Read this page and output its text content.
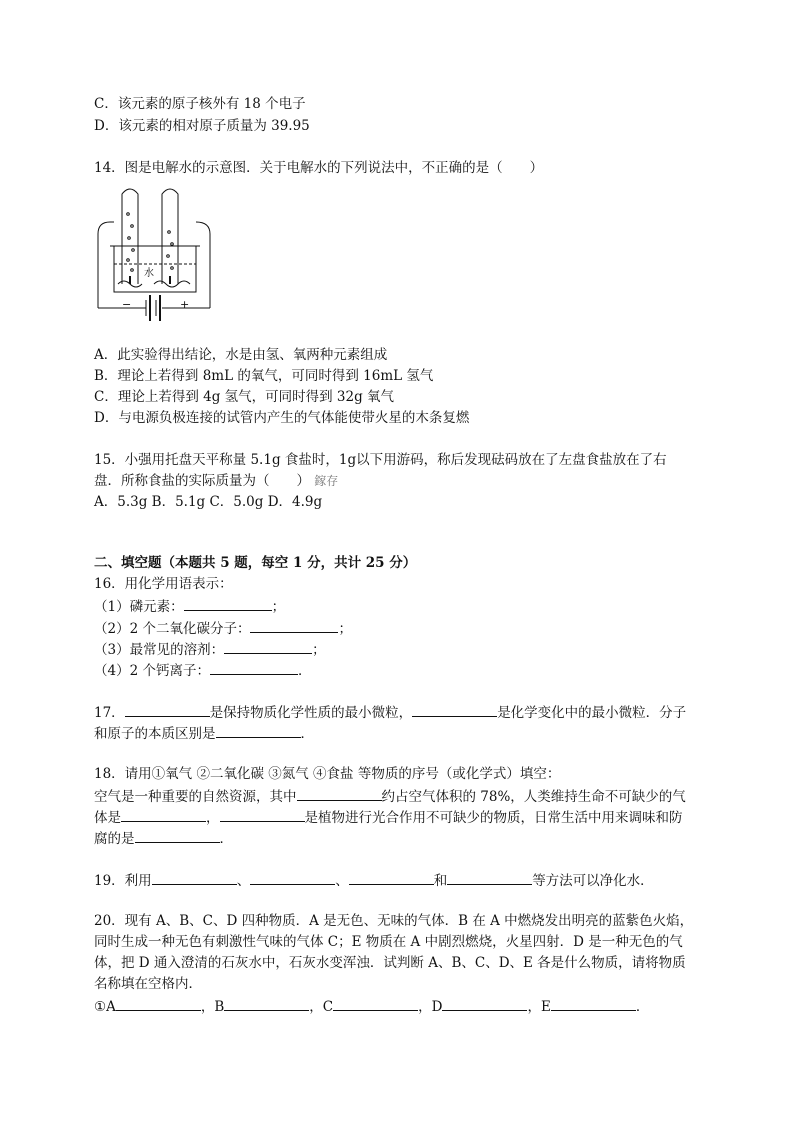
C．该元素的原子核外有 18 个电子
D．该元素的相对原子质量为 39.95
14．图是电解水的示意图．关于电解水的下列说法中，不正确的是（　　）
水
−	+
A．此实验得出结论，水是由氢、氧两种元素组成
B．理论上若得到 8mL 的氧气，可同时得到 16mL 氢气
C．理论上若得到 4g 氢气，可同时得到 32g 氧气
D．与电源负极连接的试管内产生的气体能使带火星的木条复燃
15．小强用托盘天平称量 5.1g 食盐时，1g以下用游码，称后发现砝码放在了左盘食盐放在了右
盘．所称食盐的实际质量为（　　） 鎵存
A．5.3g B．5.1g C．5.0g D．4.9g
二、填空题（本题共 5 题，每空 1 分，共计 25 分）
16．用化学用语表示：
（1）磷元素：	；
（2）2 个二氧化碳分子：	；
（3）最常见的溶剂：	；
（4）2 个钙离子：	．
17．	是保持物质化学性质的最小微粒，	是化学变化中的最小微粒．分子
和原子的本质区别是	．
18．请用①氧气 ②二氧化碳 ③氮气 ④食盐 等物质的序号（或化学式）填空：
空气是一种重要的自然资源，其中	约占空气体积的 78%，人类维持生命不可缺少的气
体是	，	是植物进行光合作用不可缺少的物质，日常生活中用来调味和防
腐的是	．
19．利用	、	、	和	等方法可以净化水．
20．现有 A、B、C、D 四种物质．A 是无色、无味的气体．B 在 A 中燃烧发出明亮的蓝紫色火焰，
同时生成一种无色有刺激性气味的气体 C；E 物质在 A 中剧烈燃烧，火星四射．D 是一种无色的气
体，把 D 通入澄清的石灰水中，石灰水变浑浊．试判断 A、B、C、D、E 各是什么物质，请将物质
名称填在空格内．
①A	，B	，C	，D	，E	．
